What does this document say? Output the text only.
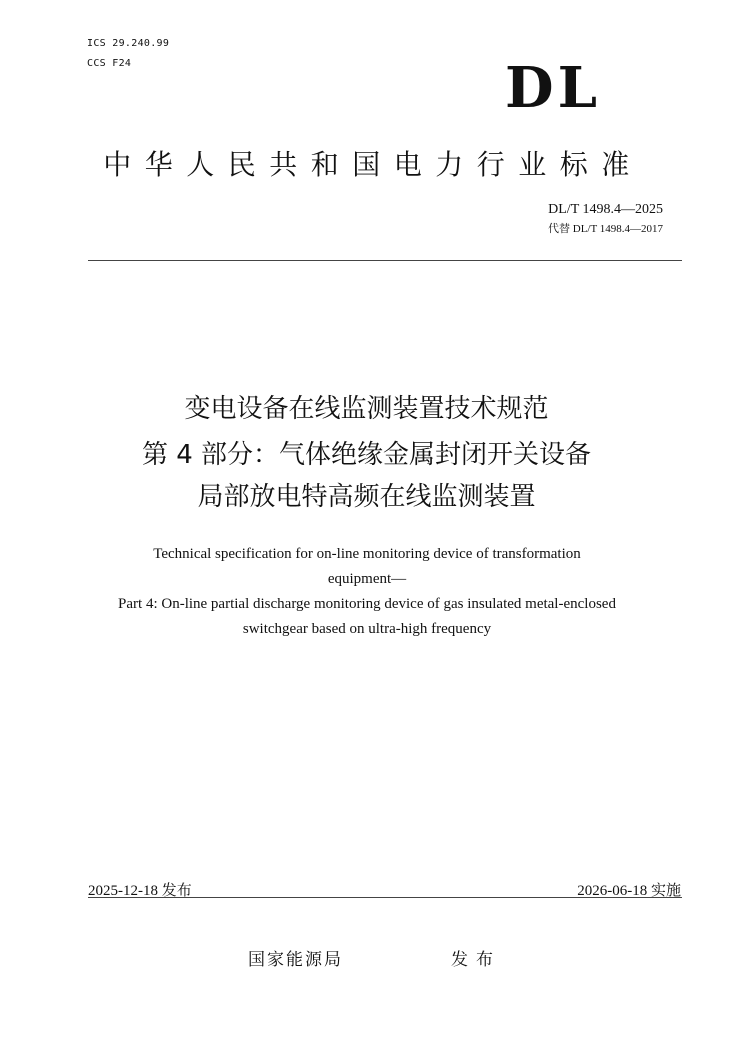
ICS 29.240.99
CCS F24	DL
中华人民共和国电力行业标准
DL/T 1498.4—2025
代替 DL/T 1498.4—2017
变电设备在线监测装置技术规范
第 4 部分：气体绝缘金属封闭开关设备
局部放电特高频在线监测装置
Technical specification for on-line monitoring device of transformation
equipment—
Part 4: On-line partial discharge monitoring device of gas insulated metal-enclosed
switchgear based on ultra-high frequency
2025-12-18 发布	2026-06-18 实施
国家能源局	发布
